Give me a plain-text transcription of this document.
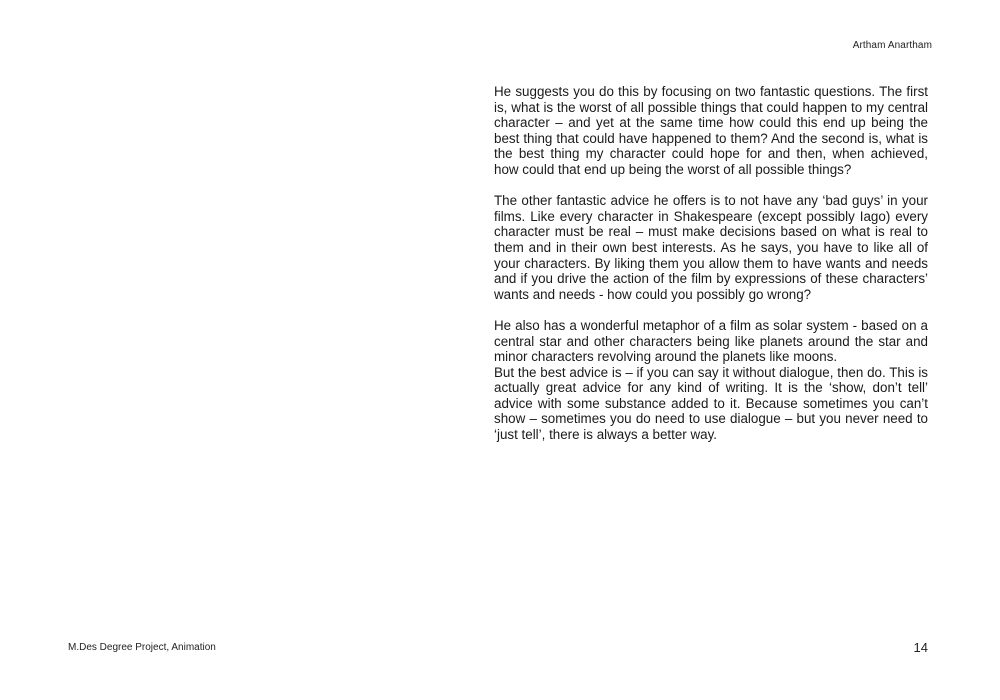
Artham Anartham

He suggests you do this by focusing on two fantastic questions. The first is, what is the worst of all possible things that could happen to my central character – and yet at the same time how could this end up being the best thing that could have happened to them? And the second is, what is the best thing my character could hope for and then, when achieved, how could that end up being the worst of all possible things?

The other fantastic advice he offers is to not have any ‘bad guys’ in your films. Like every character in Shakespeare (except possibly Iago) every character must be real – must make decisions based on what is real to them and in their own best interests. As he says, you have to like all of your characters. By liking them you allow them to have wants and needs and if you drive the action of the film by expressions of these characters’ wants and needs - how could you possibly go wrong?

He also has a wonderful metaphor of a film as solar system - based on a central star and other characters being like planets around the star and minor characters revolving around the planets like moons.

But the best advice is – if you can say it without dialogue, then do. This is actually great advice for any kind of writing. It is the ‘show, don’t tell’ advice with some substance added to it. Because sometimes you can’t show – sometimes you do need to use dialogue – but you never need to ‘just tell’, there is always a better way.

M.Des Degree Project, Animation	14
